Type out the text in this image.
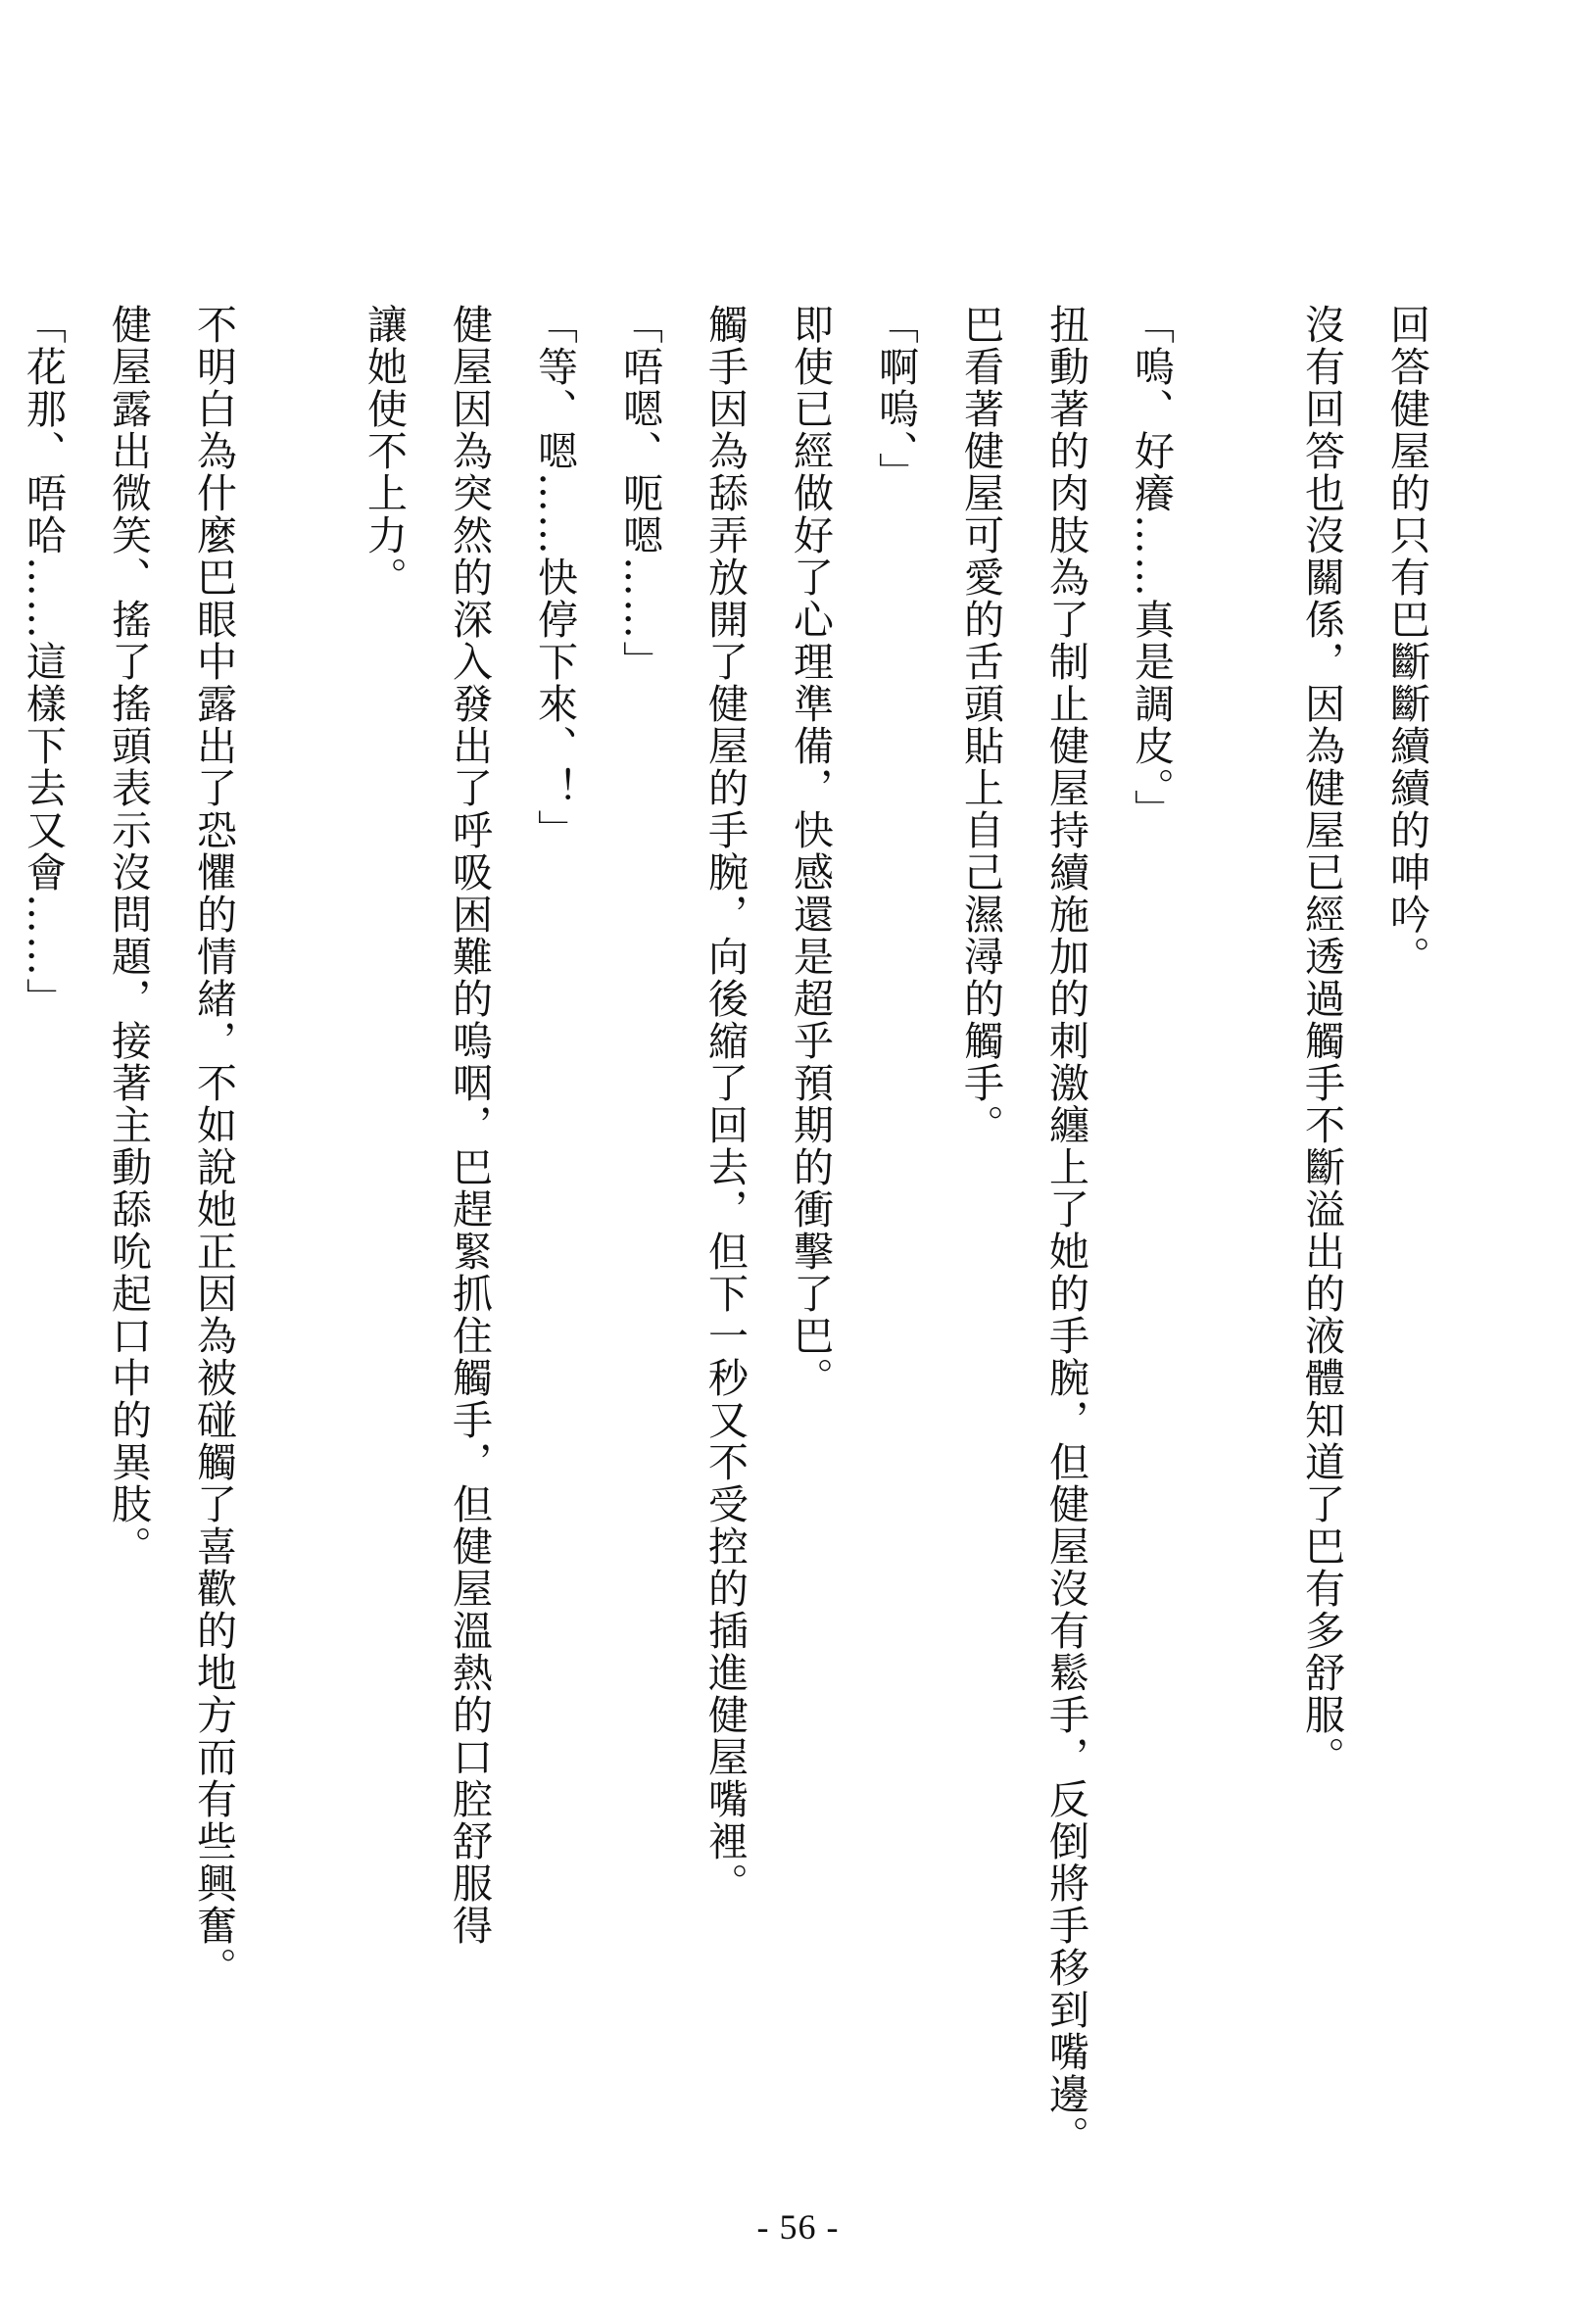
回答健屋的只有巴斷斷續續的呻吟。

沒有回答也沒關係，因為健屋已經透過觸手不斷溢出的液體知道了巴有多舒服。

「嗚、好癢……真是調皮。」

扭動著的肉肢為了制止健屋持續施加的刺激纏上了她的手腕，但健屋沒有鬆手，反倒將手移到嘴邊。

巴看著健屋可愛的舌頭貼上自己濕潯的觸手。

「啊嗚、」

即使已經做好了心理準備，快感還是超乎預期的衝擊了巴。

觸手因為舔弄放開了健屋的手腕，向後縮了回去，但下一秒又不受控的插進健屋嘴裡。

「唔嗯、呃嗯……」

「等、嗯……快停下來、！」

健屋因為突然的深入發出了呼吸困難的嗚咽，巴趕緊抓住觸手，但健屋溫熱的口腔舒服得

讓她使不上力。

不明白為什麼巴眼中露出了恐懼的情緒，不如說她正因為被碰觸了喜歡的地方而有些興奮。

健屋露出微笑、搖了搖頭表示沒問題，接著主動舔吮起口中的異肢。

「花那、唔哈……這樣下去又會……」

- 56 -
